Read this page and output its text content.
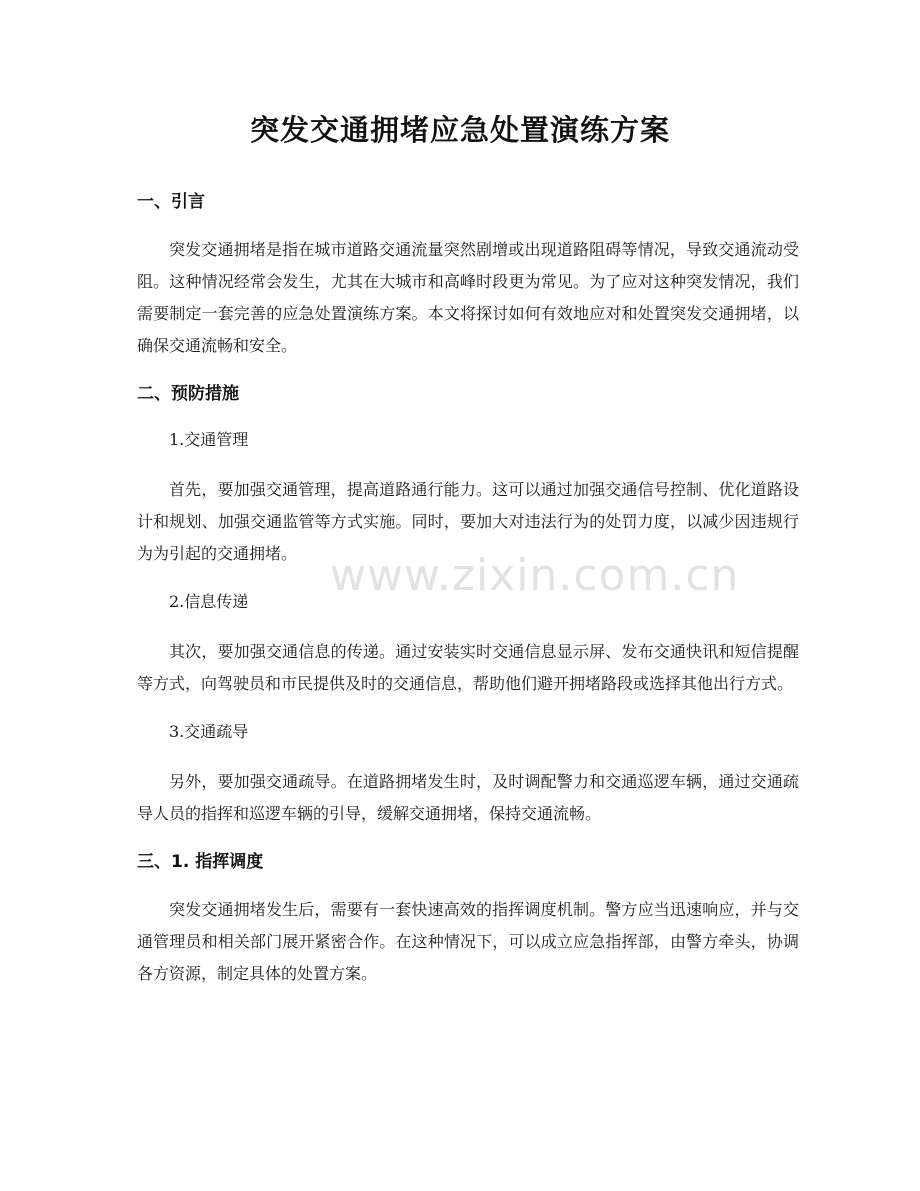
突发交通拥堵应急处置演练方案
一、引言

突发交通拥堵是指在城市道路交通流量突然剧增或出现道路阻碍等情况，导致交通流动受阻。这种情况经常会发生，尤其在大城市和高峰时段更为常见。为了应对这种突发情况，我们需要制定一套完善的应急处置演练方案。本文将探讨如何有效地应对和处置突发交通拥堵，以确保交通流畅和安全。

二、预防措施
1.交通管理

首先，要加强交通管理，提高道路通行能力。这可以通过加强交通信号控制、优化道路设计和规划、加强交通监管等方式实施。同时，要加大对违法行为的处罚力度，以减少因违规行为为引起的交通拥堵。

2.信息传递

其次，要加强交通信息的传递。通过安装实时交通信息显示屏、发布交通快讯和短信提醒等方式，向驾驶员和市民提供及时的交通信息，帮助他们避开拥堵路段或选择其他出行方式。

3.交通疏导

另外，要加强交通疏导。在道路拥堵发生时，及时调配警力和交通巡逻车辆，通过交通疏导人员的指挥和巡逻车辆的引导，缓解交通拥堵，保持交通流畅。

三、1. 指挥调度

突发交通拥堵发生后，需要有一套快速高效的指挥调度机制。警方应当迅速响应，并与交通管理员和相关部门展开紧密合作。在这种情况下，可以成立应急指挥部，由警方牵头，协调各方资源，制定具体的处置方案。

www.zixin.com.cn
